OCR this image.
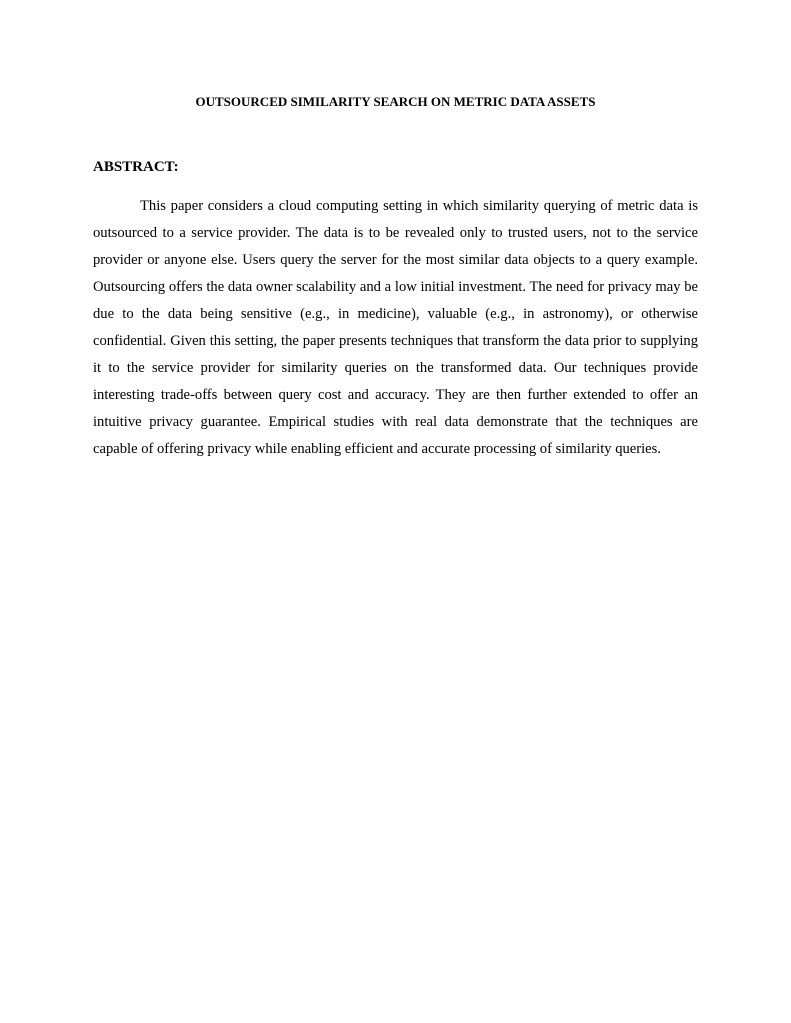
OUTSOURCED SIMILARITY SEARCH ON METRIC DATA ASSETS
ABSTRACT:

This paper considers a cloud computing setting in which similarity querying of metric data is outsourced to a service provider. The data is to be revealed only to trusted users, not to the service provider or anyone else. Users query the server for the most similar data objects to a query example. Outsourcing offers the data owner scalability and a low initial investment. The need for privacy may be due to the data being sensitive (e.g., in medicine), valuable (e.g., in astronomy), or otherwise confidential. Given this setting, the paper presents techniques that transform the data prior to supplying it to the service provider for similarity queries on the transformed data. Our techniques provide interesting trade-offs between query cost and accuracy. They are then further extended to offer an intuitive privacy guarantee. Empirical studies with real data demonstrate that the techniques are capable of offering privacy while enabling efficient and accurate processing of similarity queries.
